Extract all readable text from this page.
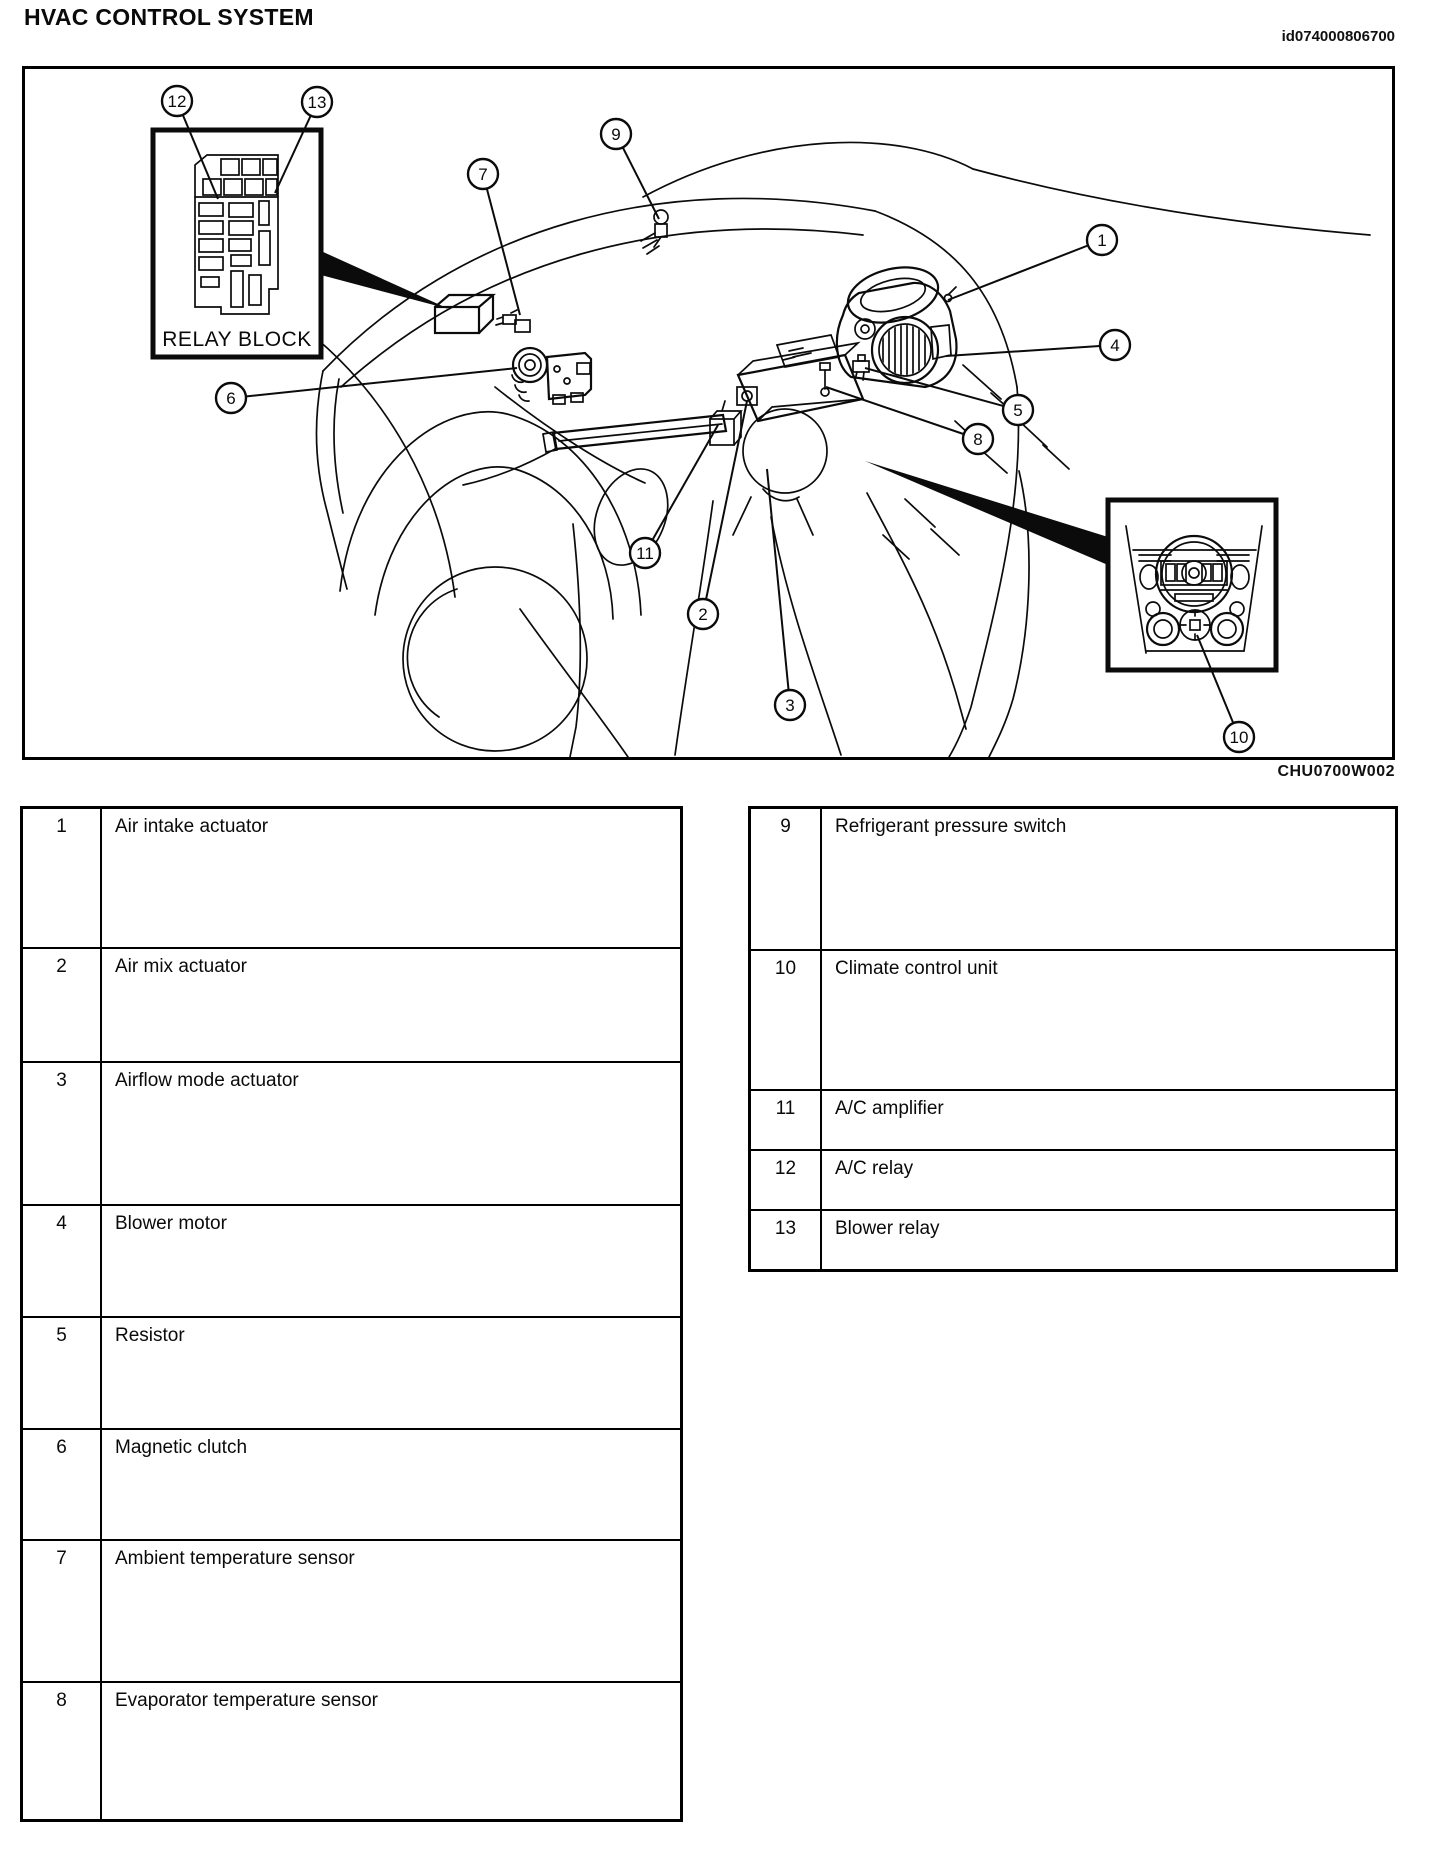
HVAC CONTROL SYSTEM
id074000806700
RELAY BLOCK
1
2
3
4
5
6
7
8
9
10
11
12	13
CHU0700W002
1	Air intake actuator
2	Air mix actuator
3	Airflow mode actuator
4	Blower motor
5	Resistor
6	Magnetic clutch
7	Ambient temperature sensor
8	Evaporator temperature sensor
9	Refrigerant pressure switch
10	Climate control unit
11	A/C amplifier
12	A/C relay
13	Blower relay
